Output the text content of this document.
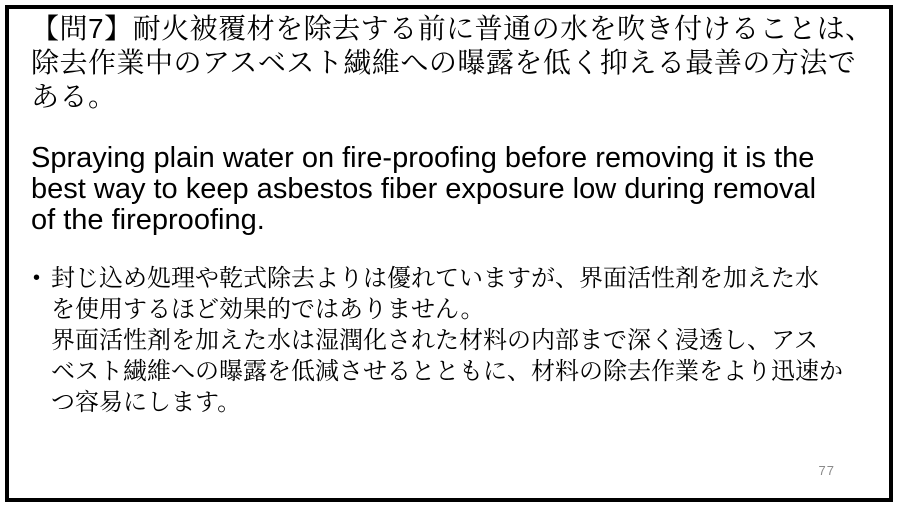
【問7】耐火被覆材を除去する前に普通の水を吹き付けることは、
除去作業中のアスベスト繊維への曝露を低く抑える最善の方法で
ある。
Spraying plain water on fire-proofing before removing it is the
best way to keep asbestos fiber exposure low during removal
of the fireproofing.
• 封じ込め処理や乾式除去よりは優れていますが、界面活性剤を加えた水
を使用するほど効果的ではありません。
界面活性剤を加えた水は湿潤化された材料の内部まで深く浸透し、アス
ベスト繊維への曝露を低減させるとともに、材料の除去作業をより迅速か
つ容易にします。
77
